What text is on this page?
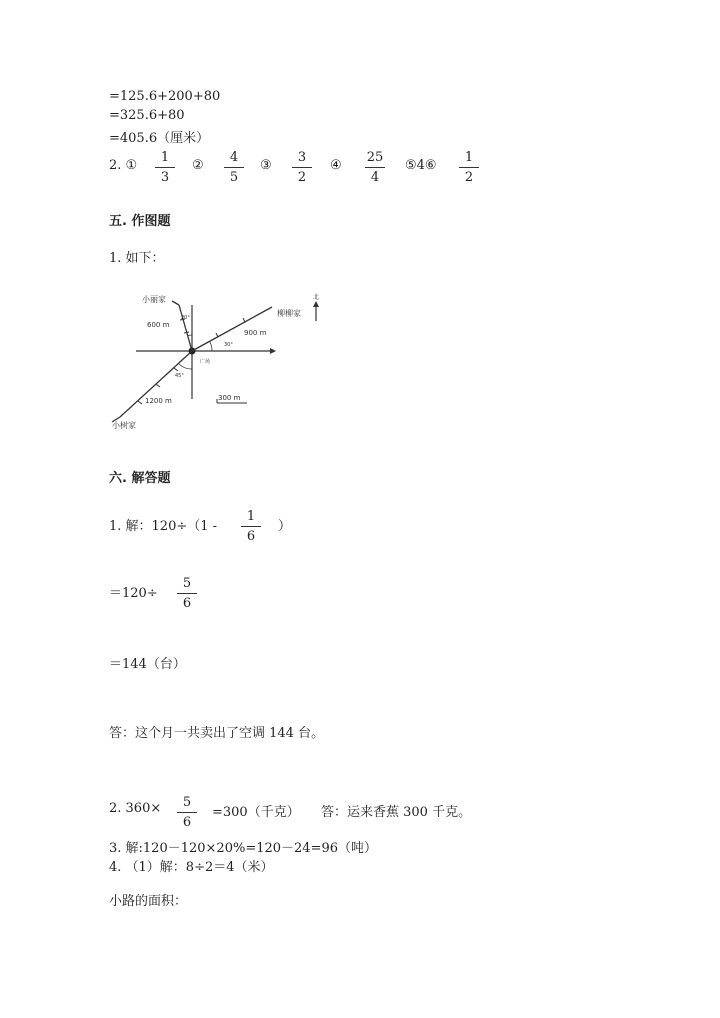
=125.6+200+80
=325.6+80
=405.6（厘米）
2. ①
1
3
②
4
5
③
3
2
④
25
4
⑤4⑥
1
2
五. 作图题
1. 如下：
北
小丽家
柳柳家
小树家
广场
600 m
900 m
1200 m
20°
30°
45°
300 m
六. 解答题
1. 解：120÷（1 -
1
6
）
＝120÷
5
6
＝144（台）
答：这个月一共卖出了空调 144 台。
2. 360×	5
6
=300（千克） 答：运来香蕉 300 千克。
3. 解:120－120×20%=120－24=96（吨）
4. （1）解：8÷2＝4（米）
小路的面积：
